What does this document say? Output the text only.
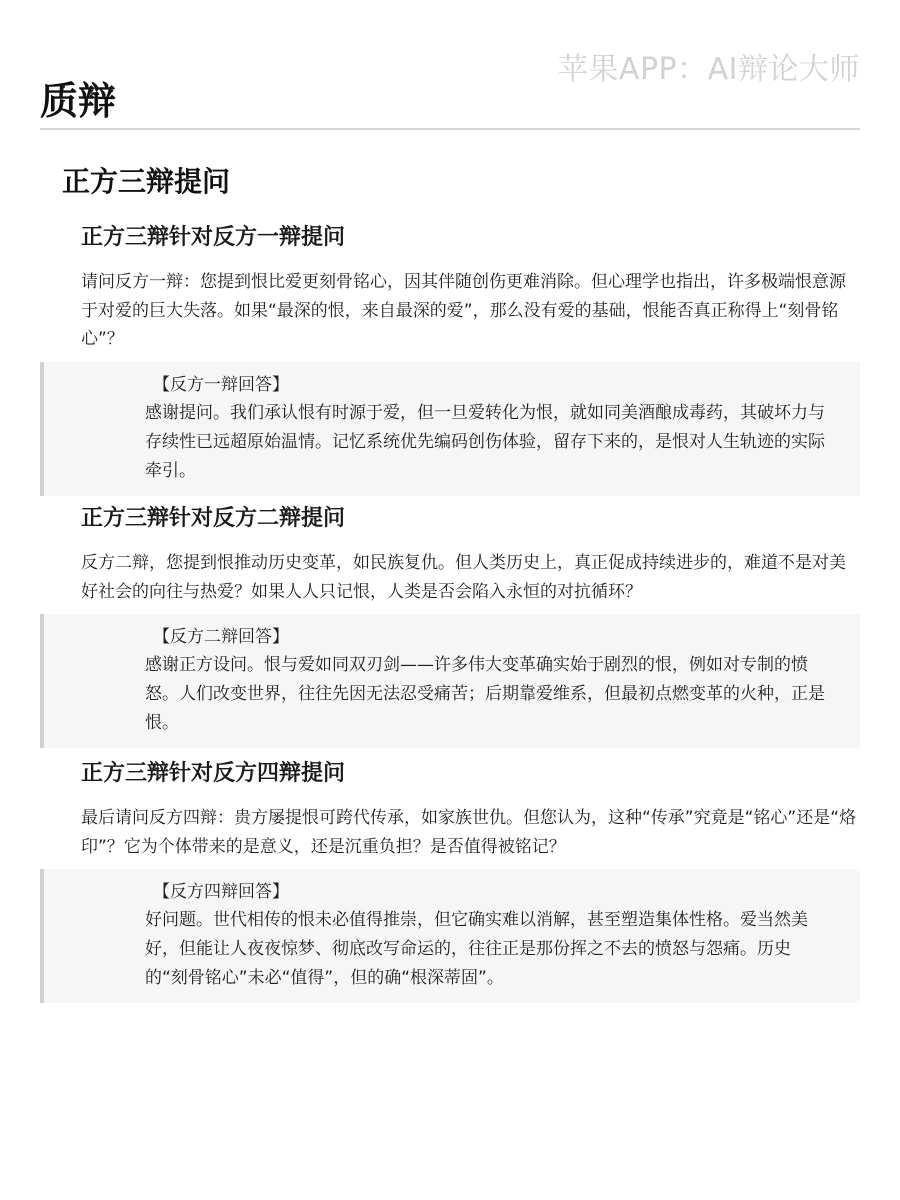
苹果APP：AI辩论大师
质辩
正方三辩提问
正方三辩针对反方一辩提问
请问反方一辩：您提到恨比爱更刻骨铭心，因其伴随创伤更难消除。但心理学也指出，许多极端恨意源于对爱的巨大失落。如果“最深的恨，来自最深的爱”，那么没有爱的基础，恨能否真正称得上“刻骨铭心”？
【反方一辩回答】
感谢提问。我们承认恨有时源于爱，但一旦爱转化为恨，就如同美酒酿成毒药，其破坏力与存续性已远超原始温情。记忆系统优先编码创伤体验，留存下来的，是恨对人生轨迹的实际牵引。
正方三辩针对反方二辩提问
反方二辩，您提到恨推动历史变革，如民族复仇。但人类历史上，真正促成持续进步的，难道不是对美好社会的向往与热爱？如果人人只记恨，人类是否会陷入永恒的对抗循环？
【反方二辩回答】
感谢正方设问。恨与爱如同双刃剑——许多伟大变革确实始于剧烈的恨，例如对专制的愤怒。人们改变世界，往往先因无法忍受痛苦；后期靠爱维系，但最初点燃变革的火种，正是恨。
正方三辩针对反方四辩提问
最后请问反方四辩：贵方屡提恨可跨代传承，如家族世仇。但您认为，这种“传承”究竟是“铭心”还是“烙印”？它为个体带来的是意义，还是沉重负担？是否值得被铭记？
【反方四辩回答】
好问题。世代相传的恨未必值得推崇，但它确实难以消解，甚至塑造集体性格。爱当然美好，但能让人夜夜惊梦、彻底改写命运的，往往正是那份挥之不去的愤怒与怨痛。历史的“刻骨铭心”未必“值得”，但的确“根深蒂固”。
